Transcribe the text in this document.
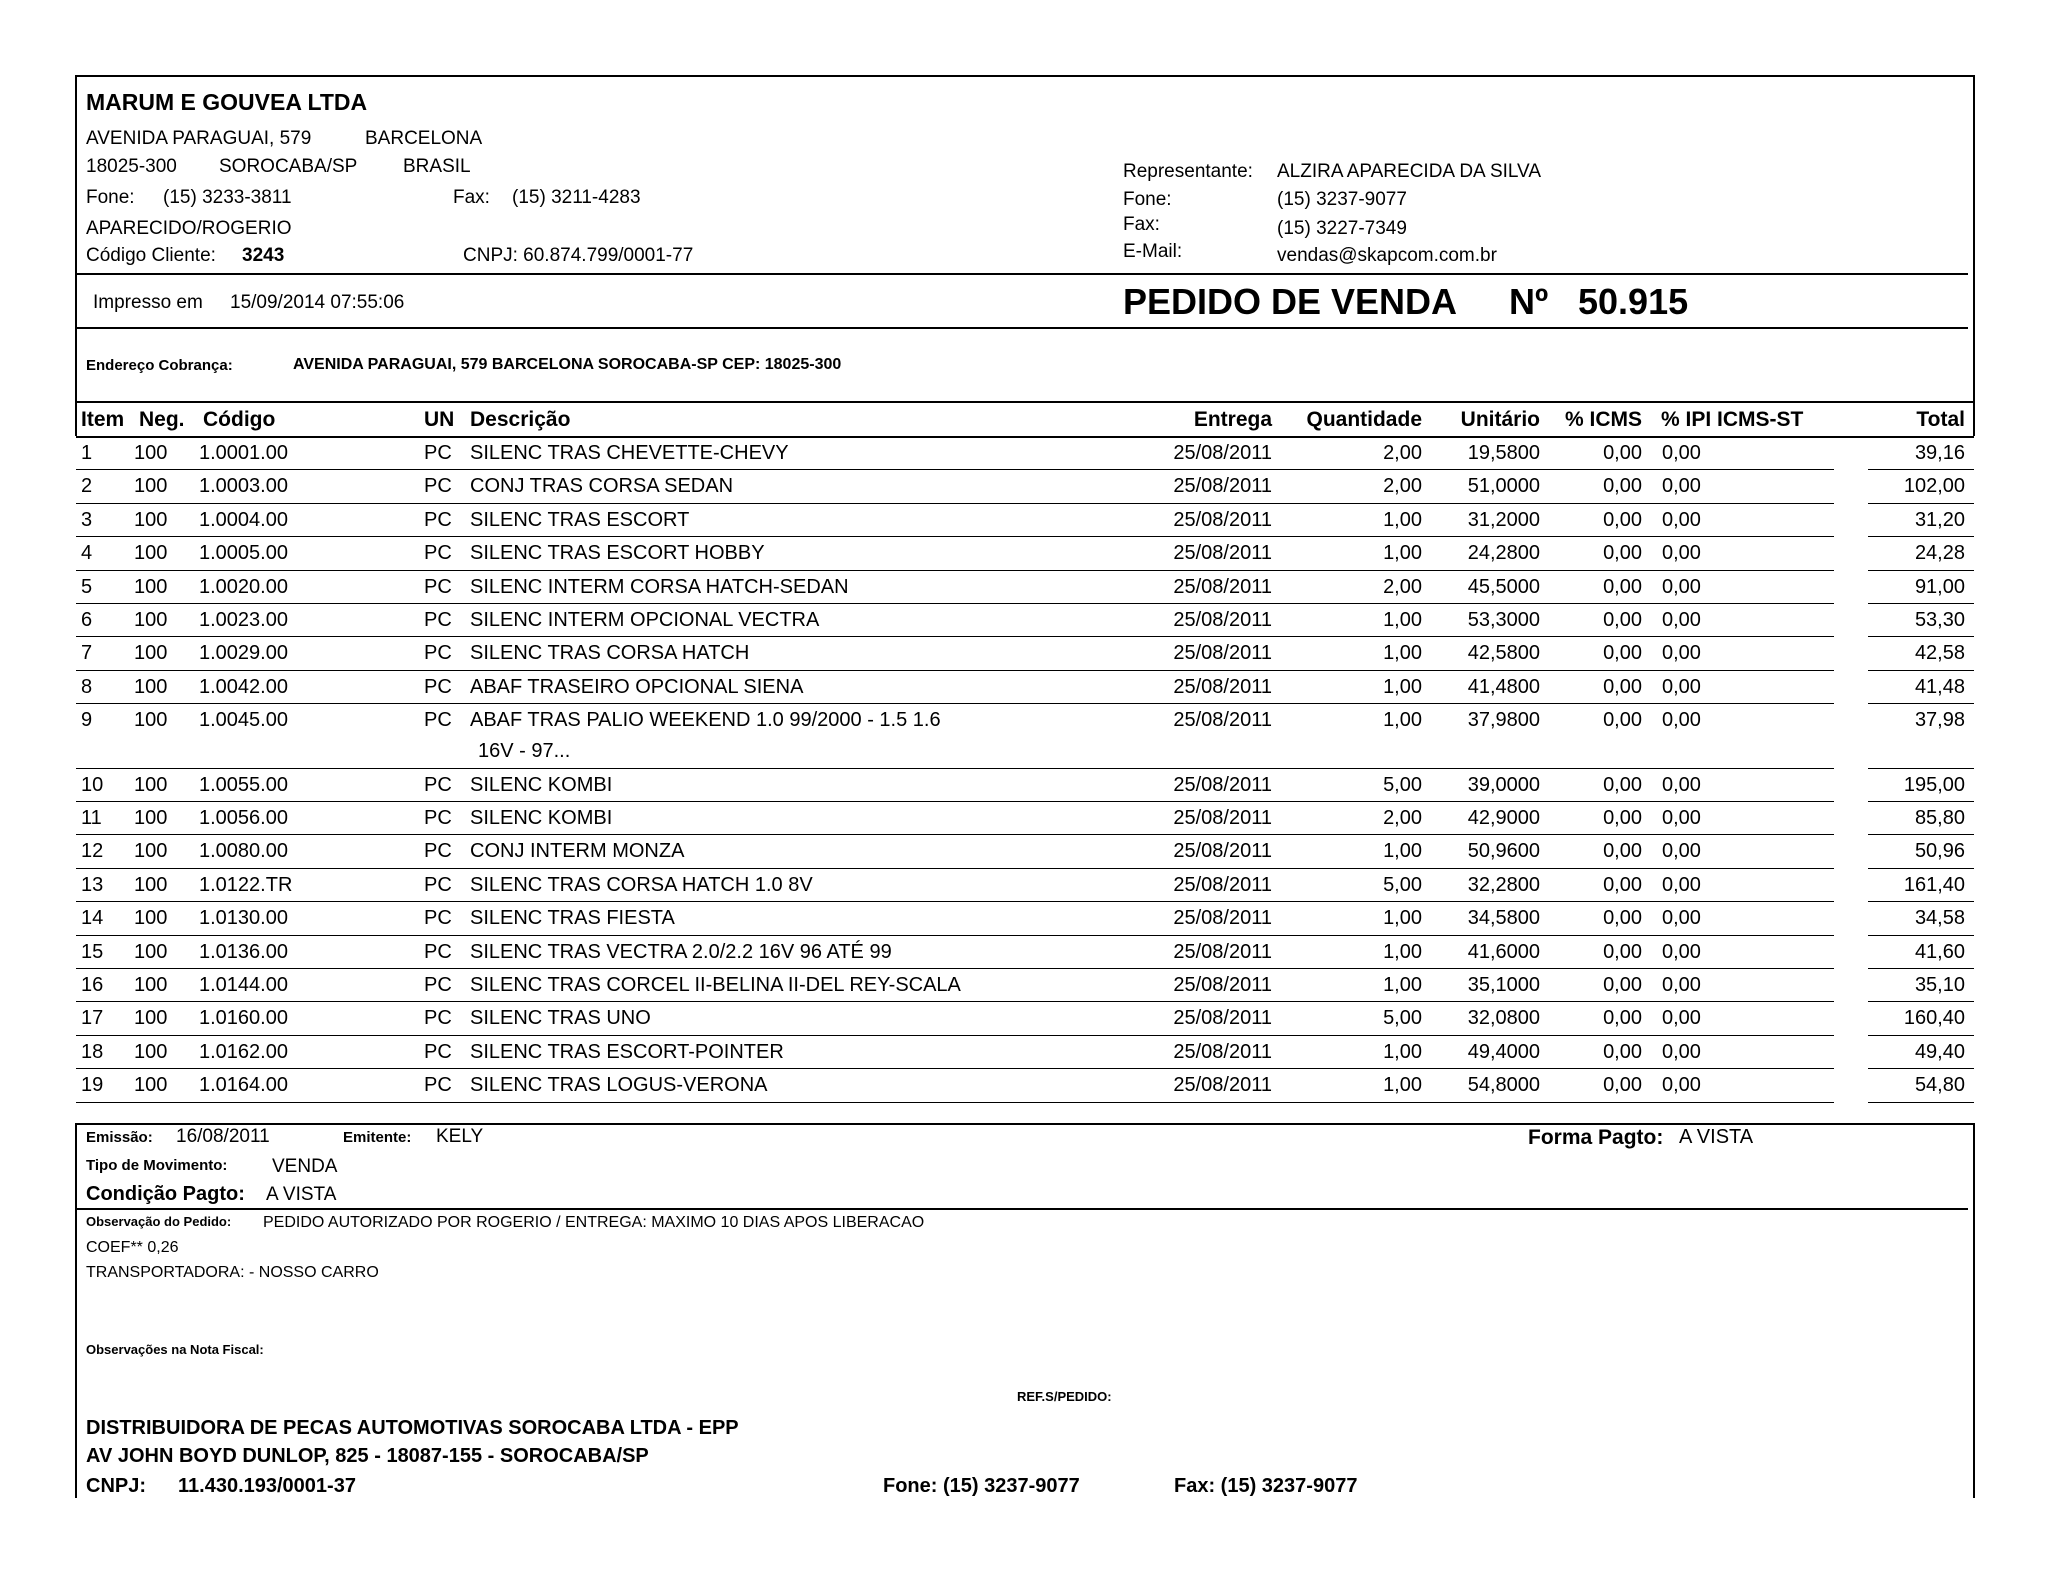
MARUM E GOUVEA LTDA
AVENIDA PARAGUAI, 579	BARCELONA
18025-300 SOROCABA/SP BRASIL
Fone: (15) 3233-3811	Fax: (15) 3211-4283
APARECIDO/ROGERIO
Código Cliente: 3243	CNPJ: 60.874.799/0001-77
Representante: ALZIRA APARECIDA DA SILVA
Fone:	(15) 3237-9077
Fax:	(15) 3227-7349
E-Mail:	vendas@skapcom.com.br
Impresso em 15/09/2014 07:55:06	PEDIDO DE VENDA Nº 50.915
Endereço Cobrança:	AVENIDA PARAGUAI, 579 BARCELONA SOROCABA-SP CEP: 18025-300
Item Neg. Código	UN Descrição	Entrega	Quantidade	Unitário	% ICMS % IPI ICMS-ST	Total
1 100 1.0001.00	PC SILENC TRAS CHEVETTE-CHEVY	25/08/2011	2,00	19,5800	0,00 0,00	39,16
2 100 1.0003.00	PC CONJ TRAS CORSA SEDAN	25/08/2011	2,00	51,0000	0,00 0,00	102,00
3 100 1.0004.00	PC SILENC TRAS ESCORT	25/08/2011	1,00	31,2000	0,00 0,00	31,20
4 100 1.0005.00	PC SILENC TRAS ESCORT HOBBY	25/08/2011	1,00	24,2800	0,00 0,00	24,28
5 100 1.0020.00	PC SILENC INTERM CORSA HATCH-SEDAN	25/08/2011	2,00	45,5000	0,00 0,00	91,00
6 100 1.0023.00	PC SILENC INTERM OPCIONAL VECTRA	25/08/2011	1,00	53,3000	0,00 0,00	53,30
7 100 1.0029.00	PC SILENC TRAS CORSA HATCH	25/08/2011	1,00	42,5800	0,00 0,00	42,58
8 100 1.0042.00	PC ABAF TRASEIRO OPCIONAL SIENA	25/08/2011	1,00	41,4800	0,00 0,00	41,48
9 100 1.0045.00	PC ABAF TRAS PALIO WEEKEND 1.0 99/2000 - 1.5 1.6	25/08/2011	1,00	37,9800	0,00 0,00	37,98
16V - 97...
10 100 1.0055.00	PC SILENC KOMBI	25/08/2011	5,00	39,0000	0,00 0,00	195,00
11 100 1.0056.00	PC SILENC KOMBI	25/08/2011	2,00	42,9000	0,00 0,00	85,80
12 100 1.0080.00	PC CONJ INTERM MONZA	25/08/2011	1,00	50,9600	0,00 0,00	50,96
13 100 1.0122.TR	PC SILENC TRAS CORSA HATCH 1.0 8V	25/08/2011	5,00	32,2800	0,00 0,00	161,40
14 100 1.0130.00	PC SILENC TRAS FIESTA	25/08/2011	1,00	34,5800	0,00 0,00	34,58
15 100 1.0136.00	PC SILENC TRAS VECTRA 2.0/2.2 16V 96 ATÉ 99	25/08/2011	1,00	41,6000	0,00 0,00	41,60
16 100 1.0144.00	PC SILENC TRAS CORCEL II-BELINA II-DEL REY-SCALA	25/08/2011	1,00	35,1000	0,00 0,00	35,10
17 100 1.0160.00	PC SILENC TRAS UNO	25/08/2011	5,00	32,0800	0,00 0,00	160,40
18 100 1.0162.00	PC SILENC TRAS ESCORT-POINTER	25/08/2011	1,00	49,4000	0,00 0,00	49,40
19 100 1.0164.00	PC SILENC TRAS LOGUS-VERONA	25/08/2011	1,00	54,8000	0,00 0,00	54,80
Emissão: 16/08/2011	Emitente: KELY	Forma Pagto: A VISTA
Tipo de Movimento: VENDA
Condição Pagto: A VISTA
Observação do Pedido: PEDIDO AUTORIZADO POR ROGERIO / ENTREGA: MAXIMO 10 DIAS APOS LIBERACAO
COEF** 0,26
TRANSPORTADORA: - NOSSO CARRO
Observações na Nota Fiscal:
REF.S/PEDIDO:
DISTRIBUIDORA DE PECAS AUTOMOTIVAS SOROCABA LTDA - EPP
AV JOHN BOYD DUNLOP, 825 - 18087-155 - SOROCABA/SP
CNPJ: 11.430.193/0001-37	Fone: (15) 3237-9077	Fax: (15) 3237-9077
